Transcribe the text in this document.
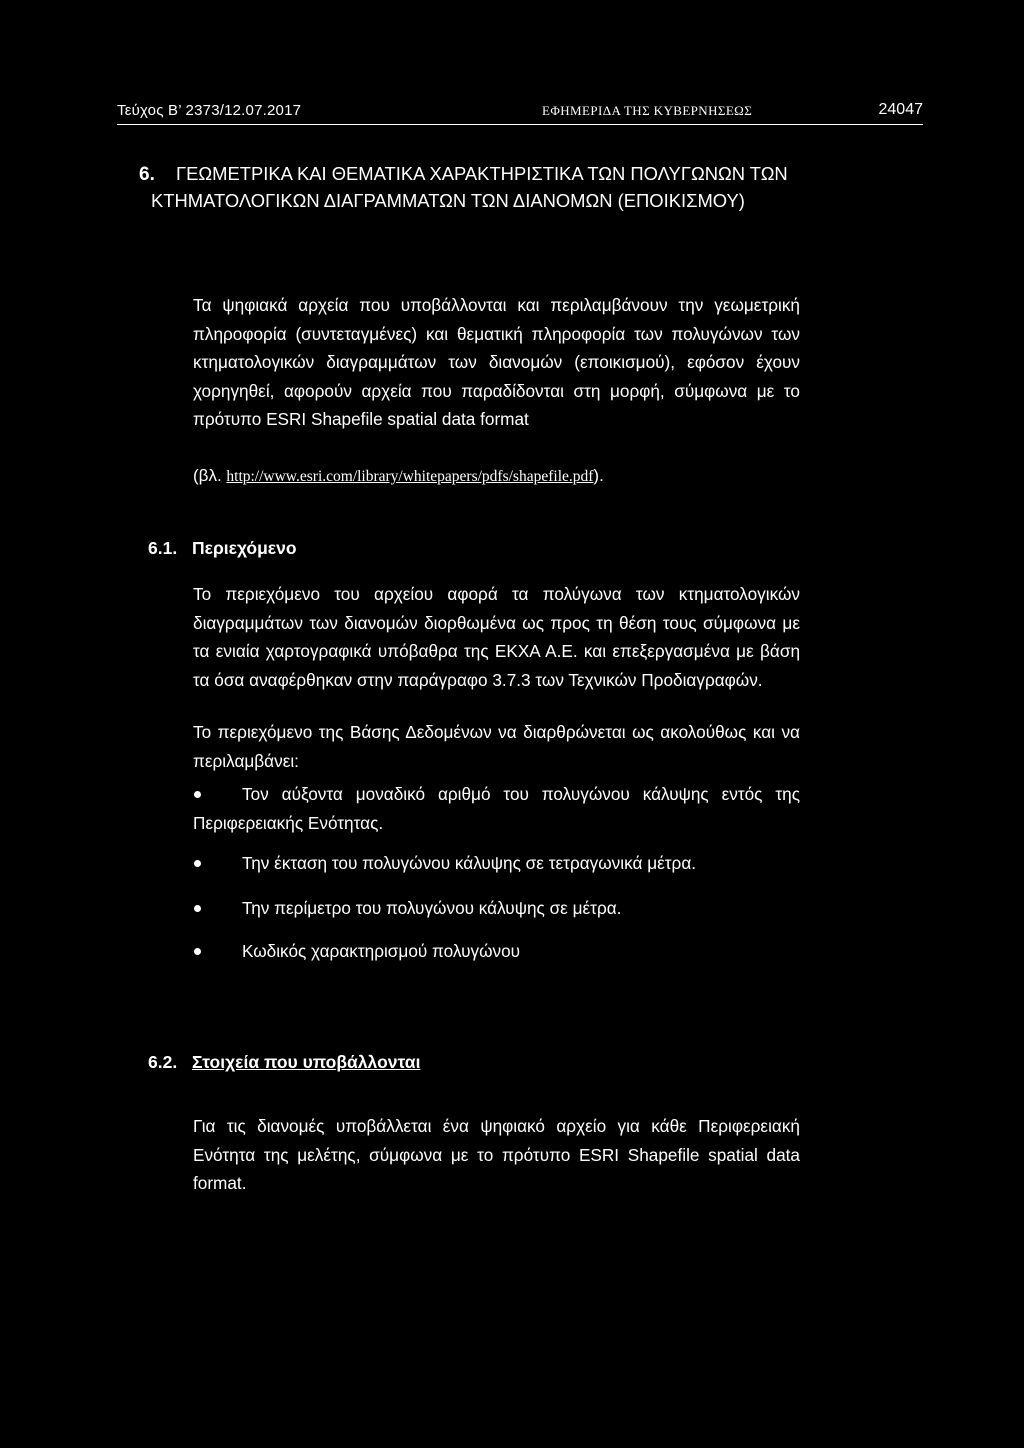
Τεύχος Β’ 2373/12.07.2017	ΕΦΗΜΕΡΙΔΑ ΤΗΣ ΚΥΒΕΡΝΗΣΕΩΣ	24047
6.	ΓΕΩΜΕΤΡΙΚΑ ΚΑΙ ΘΕΜΑΤΙΚΑ ΧΑΡΑΚΤΗΡΙΣΤΙΚΑ ΤΩΝ ΠΟΛΥΓΩΝΩΝ ΤΩΝ ΚΤΗΜΑΤΟΛΟΓΙΚΩΝ ΔΙΑΓΡΑΜΜΑΤΩΝ ΤΩΝ ΔΙΑΝΟΜΩΝ (ΕΠΟΙΚΙΣΜΟΥ)
Τα ψηφιακά αρχεία που υποβάλλονται και περιλαμβάνουν την γεωμετρική πληροφορία (συντεταγμένες) και θεματική πληροφορία των πολυγώνων των κτηματολογικών διαγραμμάτων των διανομών (εποικισμού), εφόσον έχουν χορηγηθεί, αφορούν αρχεία που παραδίδονται στη μορφή, σύμφωνα με το πρότυπο ESRI Shapefile spatial data format
(βλ. http://www.esri.com/library/whitepapers/pdfs/shapefile.pdf).
6.1. Περιεχόμενο
Το περιεχόμενο του αρχείου αφορά τα πολύγωνα των κτηματολογικών διαγραμμάτων των διανομών διορθωμένα ως προς τη θέση τους σύμφωνα με τα ενιαία χαρτογραφικά υπόβαθρα της ΕΚΧΑ Α.Ε. και επεξεργασμένα με βάση τα όσα αναφέρθηκαν στην παράγραφο 3.7.3 των Τεχνικών Προδιαγραφών.
Το περιεχόμενο της Βάσης Δεδομένων να διαρθρώνεται ως ακολούθως και να περιλαμβάνει:
Τον αύξοντα μοναδικό αριθμό του πολυγώνου κάλυψης εντός της Περιφερειακής Ενότητας.
Την έκταση του πολυγώνου κάλυψης σε τετραγωνικά μέτρα.
Την περίμετρο του πολυγώνου κάλυψης σε μέτρα.
Κωδικός χαρακτηρισμού πολυγώνου
6.2. Στοιχεία που υποβάλλονται
Για τις διανομές υποβάλλεται ένα ψηφιακό αρχείο για κάθε Περιφερειακή Ενότητα της μελέτης, σύμφωνα με το πρότυπο ESRI Shapefile spatial data format.
